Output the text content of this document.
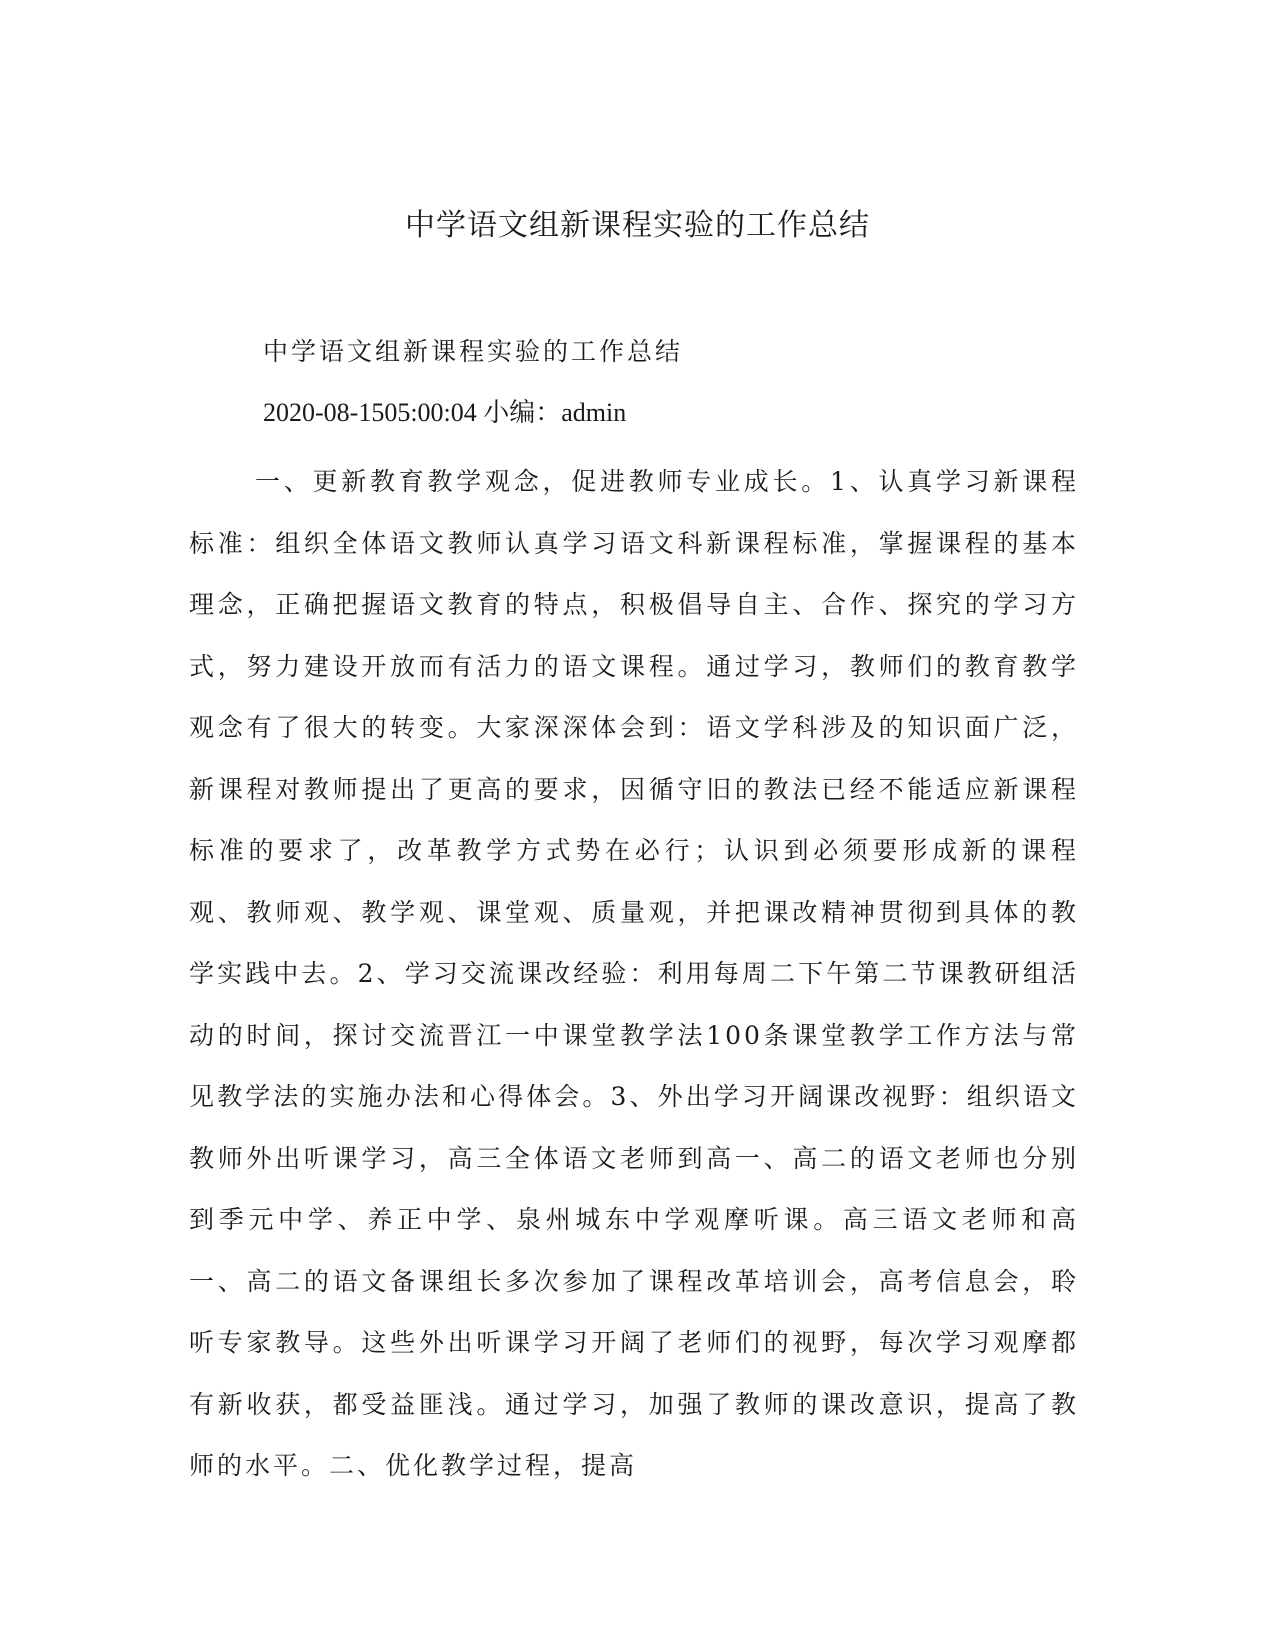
中学语文组新课程实验的工作总结

中学语文组新课程实验的工作总结

2020-08-1505:00:04 小编：admin

一、更新教育教学观念，促进教师专业成长。1、认真学习新课程标准：组织全体语文教师认真学习语文科新课程标准，掌握课程的基本理念，正确把握语文教育的特点，积极倡导自主、合作、探究的学习方式，努力建设开放而有活力的语文课程。通过学习，教师们的教育教学观念有了很大的转变。大家深深体会到：语文学科涉及的知识面广泛，新课程对教师提出了更高的要求，因循守旧的教法已经不能适应新课程标准的要求了，改革教学方式势在必行；认识到必须要形成新的课程观、教师观、教学观、课堂观、质量观，并把课改精神贯彻到具体的教学实践中去。2、学习交流课改经验：利用每周二下午第二节课教研组活动的时间，探讨交流晋江一中课堂教学法100条课堂教学工作方法与常见教学法的实施办法和心得体会。3、外出学习开阔课改视野：组织语文教师外出听课学习，高三全体语文老师到高一、高二的语文老师也分别到季元中学、养正中学、泉州城东中学观摩听课。高三语文老师和高一、高二的语文备课组长多次参加了课程改革培训会，高考信息会，聆听专家教导。这些外出听课学习开阔了老师们的视野，每次学习观摩都有新收获，都受益匪浅。通过学习，加强了教师的课改意识，提高了教师的水平。二、优化教学过程，提高
